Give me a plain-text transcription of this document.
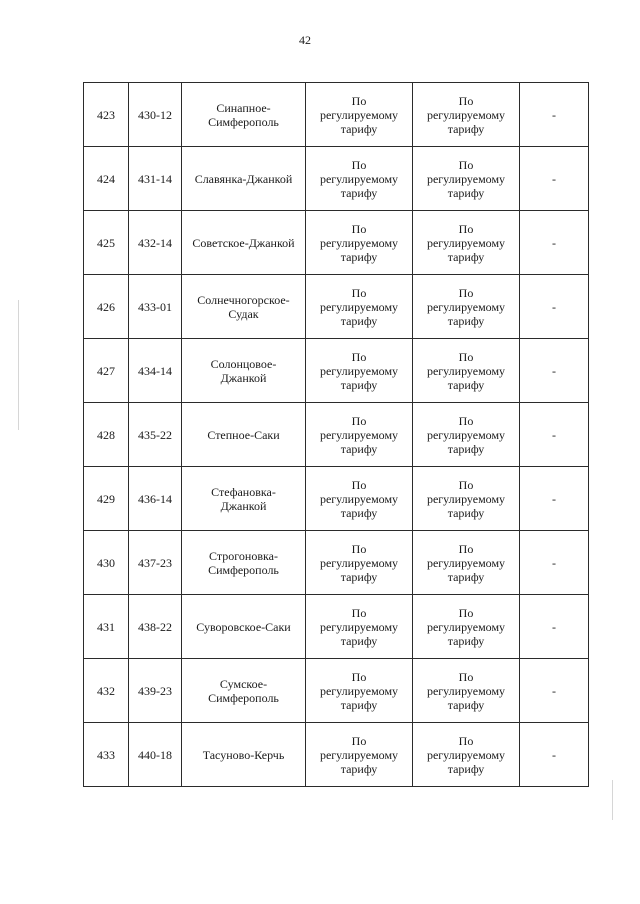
42
423	430-12	Синапное-
Симферополь	По
регулируемому
тарифу	По
регулируемому
тарифу	-
424	431-14	Славянка-Джанкой	По
регулируемому
тарифу	По
регулируемому
тарифу	-
425	432-14	Советское-Джанкой	По
регулируемому
тарифу	По
регулируемому
тарифу	-
426	433-01	Солнечногорское-
Судак	По
регулируемому
тарифу	По
регулируемому
тарифу	-
427	434-14	Солонцовое-
Джанкой	По
регулируемому
тарифу	По
регулируемому
тарифу	-
428	435-22	Степное-Саки	По
регулируемому
тарифу	По
регулируемому
тарифу	-
429	436-14	Стефановка-
Джанкой	По
регулируемому
тарифу	По
регулируемому
тарифу	-
430	437-23	Строгоновка-
Симферополь	По
регулируемому
тарифу	По
регулируемому
тарифу	-
431	438-22	Суворовское-Саки	По
регулируемому
тарифу	По
регулируемому
тарифу	-
432	439-23	Сумское-
Симферополь	По
регулируемому
тарифу	По
регулируемому
тарифу	-
433	440-18	Тасуново-Керчь	По
регулируемому
тарифу	По
регулируемому
тарифу	-
